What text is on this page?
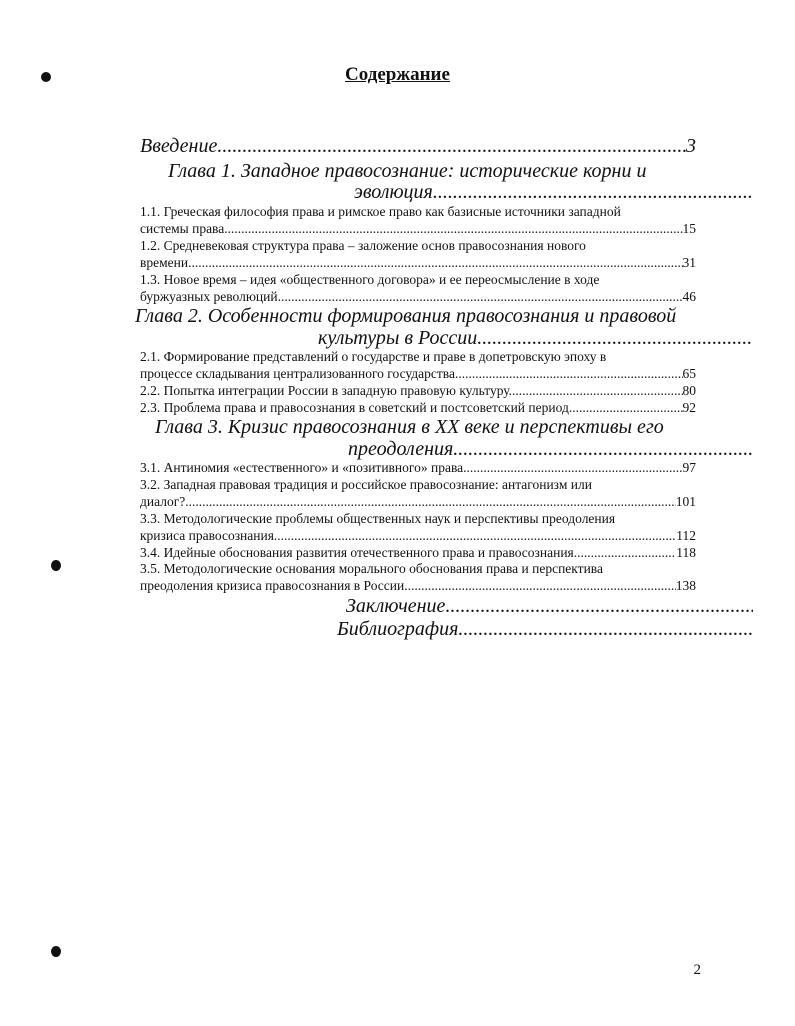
Содержание
Введение. .....	3
Глава 1. Западное правосознание: исторические корни и
эволюция.
.....
1.1. Греческая философия права и римское право как базисные источники западной
системы права .....	15
1.2. Средневековая структура права – заложение основ правосознания нового
времени. .....	31
1.3. Новое время – идея «общественного договора» и ее переосмысление в ходе
буржуазных революций. .....	46
Глава 2. Особенности формирования правосознания и правовой
культуры в России
.....
2.1. Формирование представлений о государстве и праве в допетровскую эпоху в
процессе складывания централизованного государства .....	65
2.2. Попытка интеграции России в западную правовую культуру. .....	80
2.3. Проблема права и правосознания в советский и постсоветский период .....	92
Глава 3. Кризис правосознания в XX веке и перспективы его
преодоления
.....
3.1. Антиномия «естественного» и «позитивного» права. .....	97
3.2. Западная правовая традиция и российское правосознание: антагонизм или
диалог? .....	101
3.3. Методологические проблемы общественных наук и перспективы преодоления
кризиса правосознания .....	112
3.4. Идейные обоснования развития отечественного права и правосознания .....	118
3.5. Методологические основания морального обоснования права и перспектива
преодоления кризиса правосознания в России .....	138
Заключение
.....
Библиография
.....
2
